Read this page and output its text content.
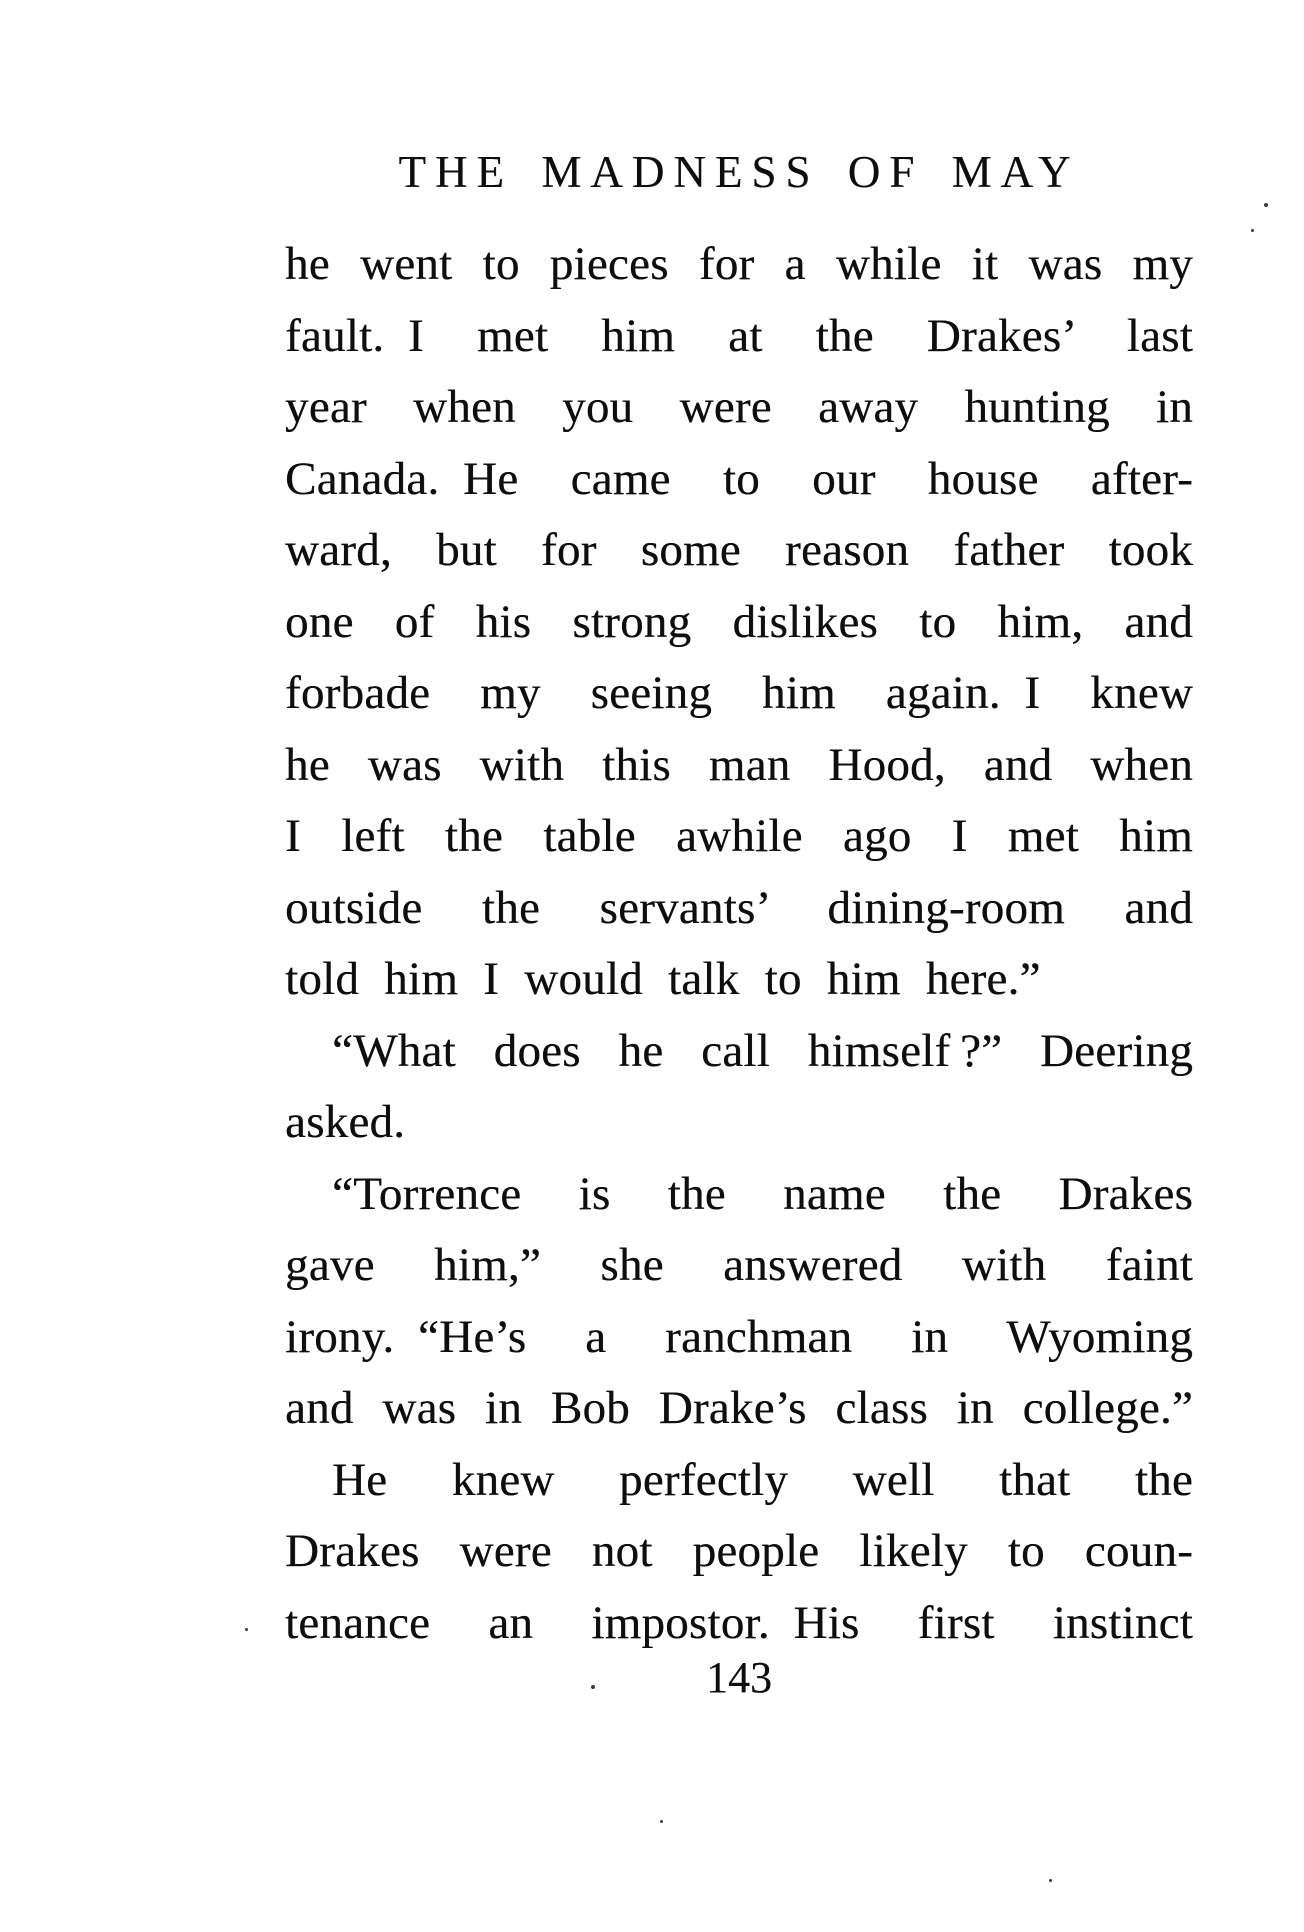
THE MADNESS OF MAY
he went to pieces for a while it was my
fault. I met him at the Drakes’ last
year when you were away hunting in
Canada. He came to our house after-
ward, but for some reason father took
one of his strong dislikes to him, and
forbade my seeing him again. I knew
he was with this man Hood, and when
I left the table awhile ago I met him
outside the servants’ dining-room and
told him I would talk to him here.”
“What does he call himself ?” Deering
asked.
“Torrence is the name the Drakes
gave him,” she answered with faint
irony. “He’s a ranchman in Wyoming
and was in Bob Drake’s class in college.”
He knew perfectly well that the
Drakes were not people likely to coun-
tenance an impostor. His first instinct
143
